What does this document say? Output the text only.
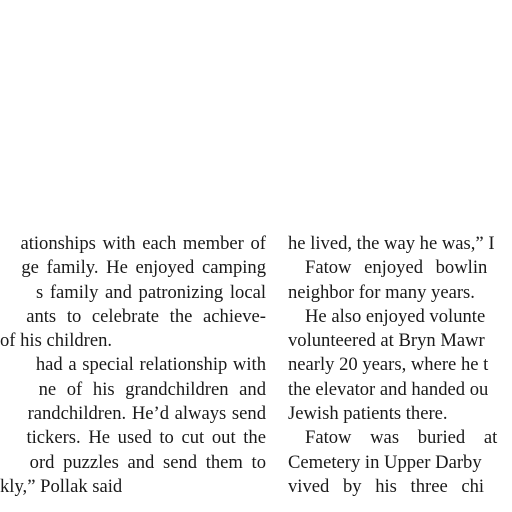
ationships with each member of
ge family. He enjoyed camping
s family and patronizing local
ants to celebrate the achieve-
of his children.
had a special relationship with
ne of his grandchildren and
randchildren. He’d always send
tickers. He used to cut out the
ord puzzles and send them to
kly,” Pollak said
he lived, the way he was,” I
Fatow enjoyed bowlin
neighbor for many years.
He also enjoyed volunte
volunteered at Bryn Mawr
nearly 20 years, where he t
the elevator and handed ou
Jewish patients there.
Fatow was buried at
Cemetery in Upper Darby
vived by his three chi
